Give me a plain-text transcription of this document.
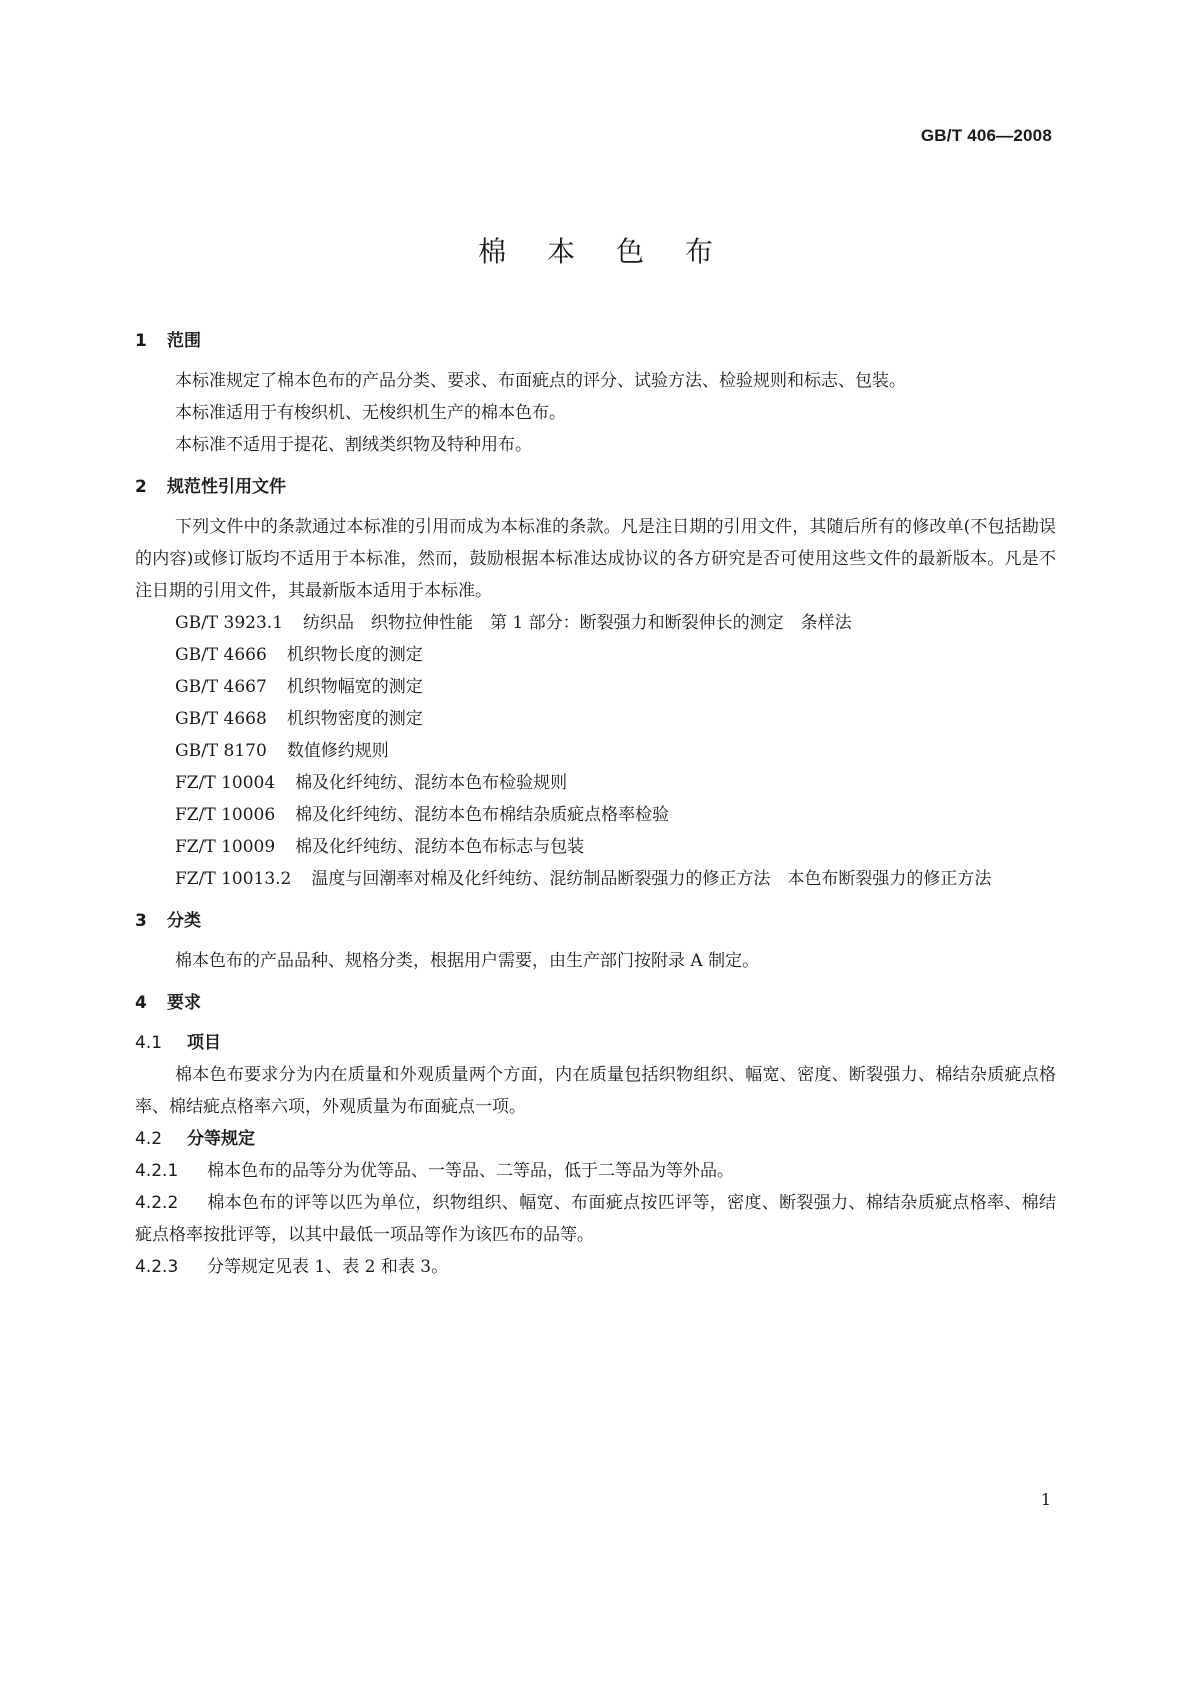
GB/T 406—2008
棉 本 色 布
1 范围

本标准规定了棉本色布的产品分类、要求、布面疵点的评分、试验方法、检验规则和标志、包装。

本标准适用于有梭织机、无梭织机生产的棉本色布。

本标准不适用于提花、割绒类织物及特种用布。

2 规范性引用文件

下列文件中的条款通过本标准的引用而成为本标准的条款。凡是注日期的引用文件，其随后所有的修改单(不包括勘误的内容)或修订版均不适用于本标准，然而，鼓励根据本标准达成协议的各方研究是否可使用这些文件的最新版本。凡是不注日期的引用文件，其最新版本适用于本标准。

GB/T 3923.1 纺织品　织物拉伸性能　第 1 部分：断裂强力和断裂伸长的测定　条样法

GB/T 4666 机织物长度的测定

GB/T 4667 机织物幅宽的测定

GB/T 4668 机织物密度的测定

GB/T 8170 数值修约规则

FZ/T 10004 棉及化纤纯纺、混纺本色布检验规则

FZ/T 10006 棉及化纤纯纺、混纺本色布棉结杂质疵点格率检验

FZ/T 10009 棉及化纤纯纺、混纺本色布标志与包装

FZ/T 10013.2 温度与回潮率对棉及化纤纯纺、混纺制品断裂强力的修正方法　本色布断裂强力的修正方法

3 分类

棉本色布的产品品种、规格分类，根据用户需要，由生产部门按附录 A 制定。

4 要求
4.1 项目

棉本色布要求分为内在质量和外观质量两个方面，内在质量包括织物组织、幅宽、密度、断裂强力、棉结杂质疵点格率、棉结疵点格率六项，外观质量为布面疵点一项。

4.2 分等规定

4.2.1 棉本色布的品等分为优等品、一等品、二等品，低于二等品为等外品。

4.2.2 棉本色布的评等以匹为单位，织物组织、幅宽、布面疵点按匹评等，密度、断裂强力、棉结杂质疵点格率、棉结疵点格率按批评等，以其中最低一项品等作为该匹布的品等。

4.2.3 分等规定见表 1、表 2 和表 3。

1
